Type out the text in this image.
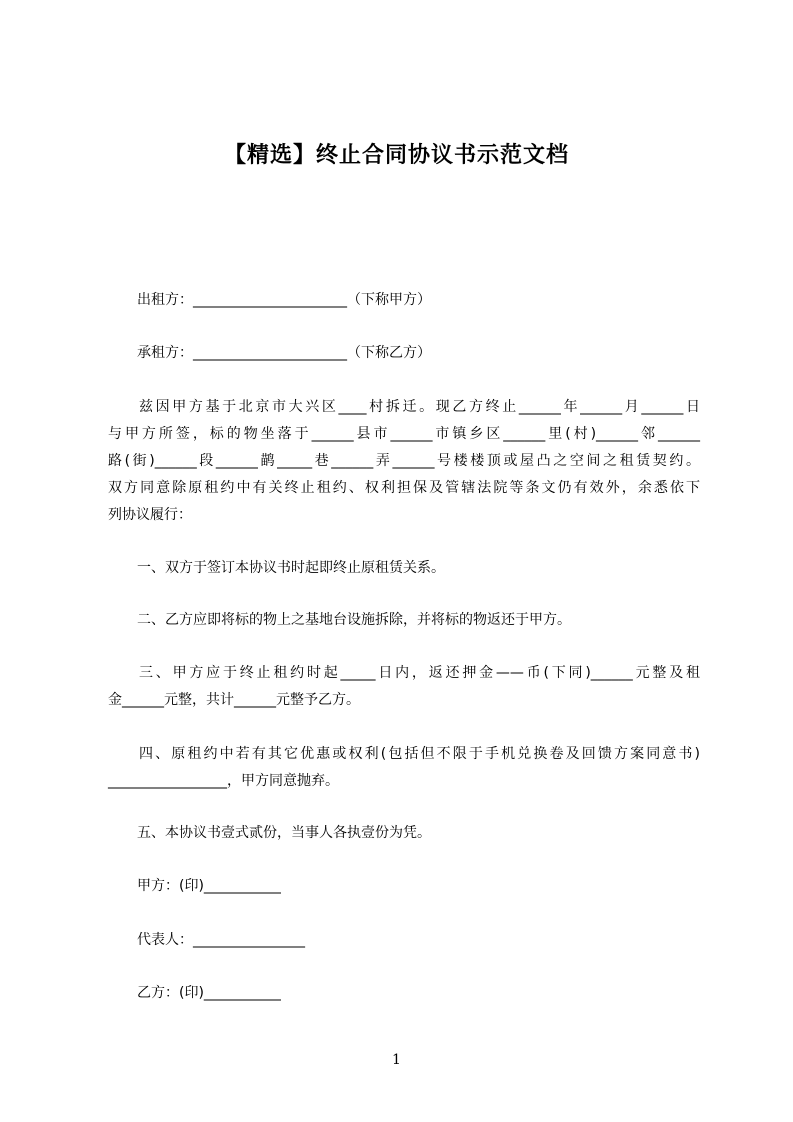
【精选】终止合同协议书示范文档
出租方：______________________（下称甲方）
承租方：______________________（下称乙方）
兹因甲方基于北京市大兴区____村拆迁。现乙方终止______年______月______日
与甲方所签，标的物坐落于______县市______市镇乡区______里(村)______邻______
路(街)______段______鹋_____巷______弄______号楼楼顶或屋凸之空间之租赁契约。
双方同意除原租约中有关终止租约、权利担保及管辖法院等条文仍有效外，余悉依下
列协议履行：
一、双方于签订本协议书时起即终止原租赁关系。
二、乙方应即将标的物上之基地台设施拆除，并将标的物返还于甲方。
三、甲方应于终止租约时起_____日内，返还押金——币(下同)______元整及租
金______元整，共计______元整予乙方。
四、原租约中若有其它优惠或权利(包括但不限于手机兑换卷及回馈方案同意书)
_________________，甲方同意抛弃。
五、本协议书壹式贰份，当事人各执壹份为凭。
甲方：(印)___________
代表人：________________
乙方：(印)___________
1
